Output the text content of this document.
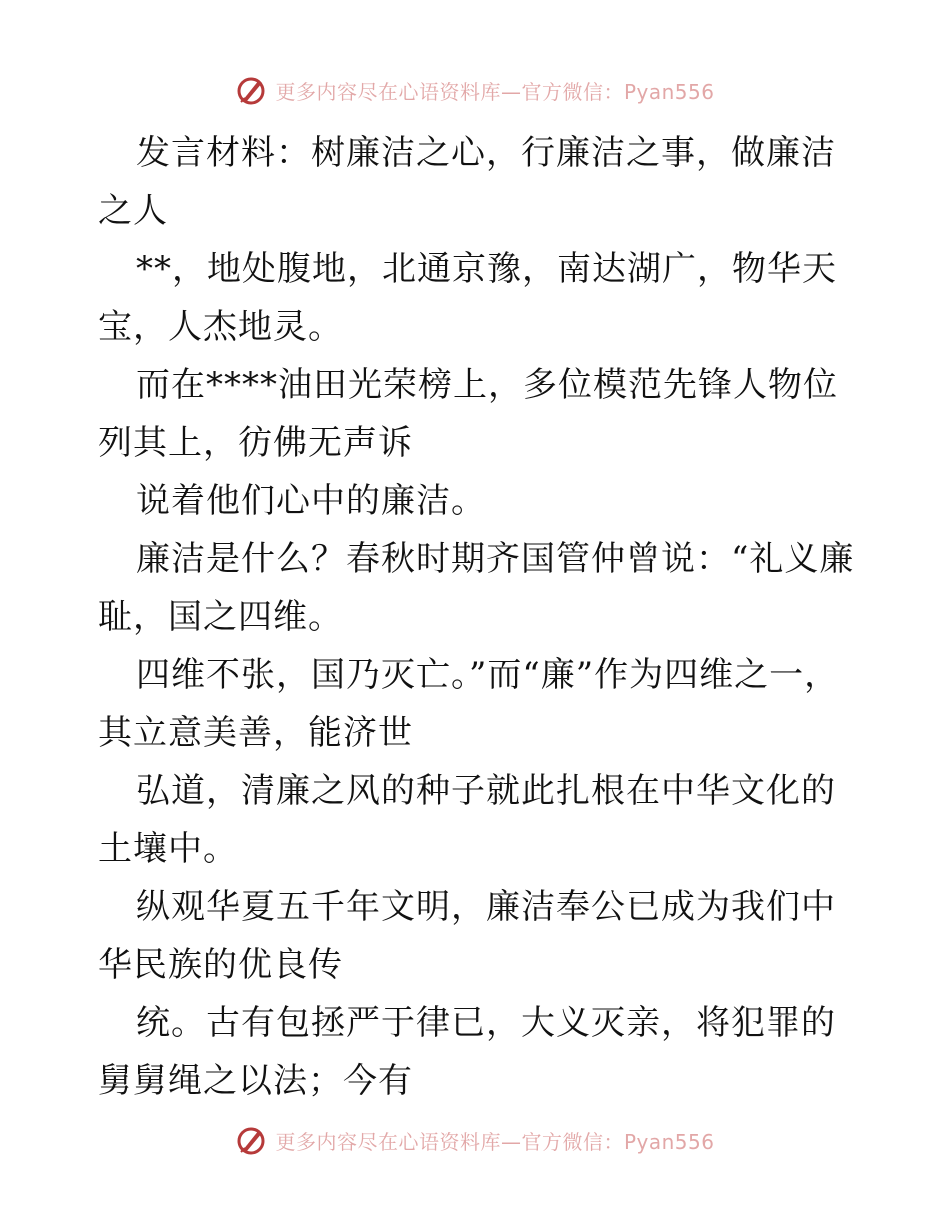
更多内容尽在心语资料库—官方微信：Pyan556

发言材料：树廉洁之心，行廉洁之事，做廉洁之人

**，地处腹地，北通京豫，南达湖广，物华天宝，人杰地灵。

而在****油田光荣榜上，多位模范先锋人物位列其上，彷佛无声诉

说着他们心中的廉洁。

廉洁是什么？春秋时期齐国管仲曾说：“礼义廉耻，国之四维。

四维不张，国乃灭亡。”而“廉”作为四维之一，其立意美善，能济世

弘道，清廉之风的种子就此扎根在中华文化的土壤中。

纵观华夏五千年文明，廉洁奉公已成为我们中华民族的优良传

统。古有包拯严于律已，大义灭亲，将犯罪的舅舅绳之以法；今有

更多内容尽在心语资料库—官方微信：Pyan556
